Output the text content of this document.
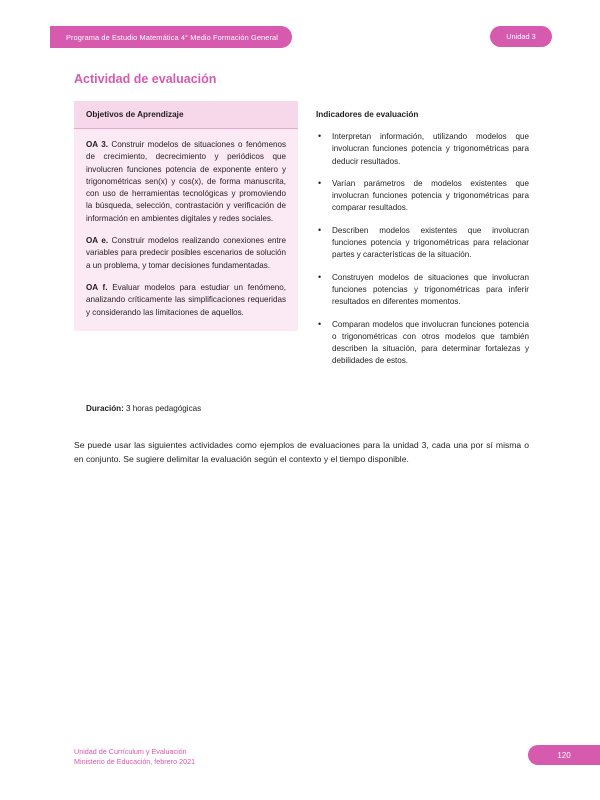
Programa de Estudio Matemática 4° Medio Formación General	Unidad 3
Actividad de evaluación
Objetivos de Aprendizaje

OA 3. Construir modelos de situaciones o fenómenos de crecimiento, decrecimiento y periódicos que involucren funciones potencia de exponente entero y trigonométricas sen(x) y cos(x), de forma manuscrita, con uso de herramientas tecnológicas y promoviendo la búsqueda, selección, contrastación y verificación de información en ambientes digitales y redes sociales.

OA e. Construir modelos realizando conexiones entre variables para predecir posibles escenarios de solución a un problema, y tomar decisiones fundamentadas.

OA f. Evaluar modelos para estudiar un fenómeno, analizando críticamente las simplificaciones requeridas y considerando las limitaciones de aquellos.

Indicadores de evaluación
• Interpretan información, utilizando modelos que involucran funciones potencia y trigonométricas para deducir resultados.
• Varían parámetros de modelos existentes que involucran funciones potencia y trigonométricas para comparar resultados.
• Describen modelos existentes que involucran funciones potencia y trigonométricas para relacionar partes y características de la situación.
• Construyen modelos de situaciones que involucran funciones potencias y trigonométricas para inferir resultados en diferentes momentos.
• Comparan modelos que involucran funciones potencia o trigonométricas con otros modelos que también describen la situación, para determinar fortalezas y debilidades de estos.
Duración: 3 horas pedagógicas
Se puede usar las siguientes actividades como ejemplos de evaluaciones para la unidad 3, cada una por sí misma o en conjunto. Se sugiere delimitar la evaluación según el contexto y el tiempo disponible.
Unidad de Currículum y Evaluación
Ministerio de Educación, febrero 2021
120
